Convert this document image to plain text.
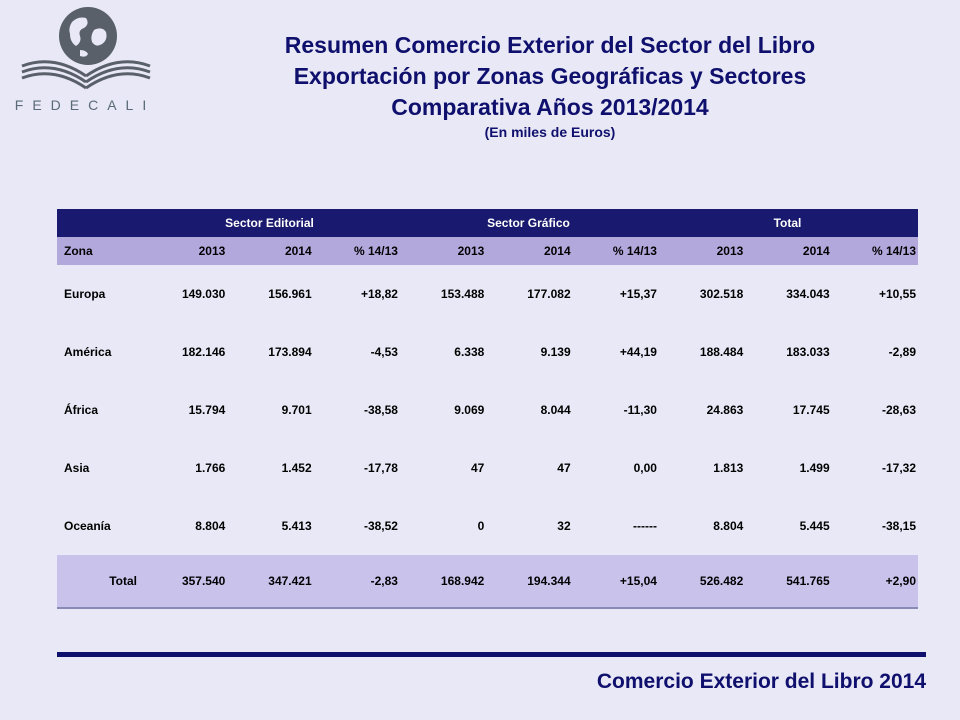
FEDECALI
Resumen Comercio Exterior del Sector del Libro
Exportación por Zonas Geográficas y Sectores
Comparativa Años 2013/2014
(En miles de Euros)
	Sector Editorial			Sector Gráfico			Total		
Zona	2013	2014	% 14/13	2013	2014	% 14/13	2013	2014	% 14/13
Europa	149.030	156.961	+18,82	153.488	177.082	+15,37	302.518	334.043	+10,55
América	182.146	173.894	-4,53	6.338	9.139	+44,19	188.484	183.033	-2,89
África	15.794	9.701	-38,58	9.069	8.044	-11,30	24.863	17.745	-28,63
Asia	1.766	1.452	-17,78	47	47	0,00	1.813	1.499	-17,32
Oceanía	8.804	5.413	-38,52	0	32	------	8.804	5.445	-38,15
Total	357.540	347.421	-2,83	168.942	194.344	+15,04	526.482	541.765	+2,90
Comercio Exterior del Libro 2014
